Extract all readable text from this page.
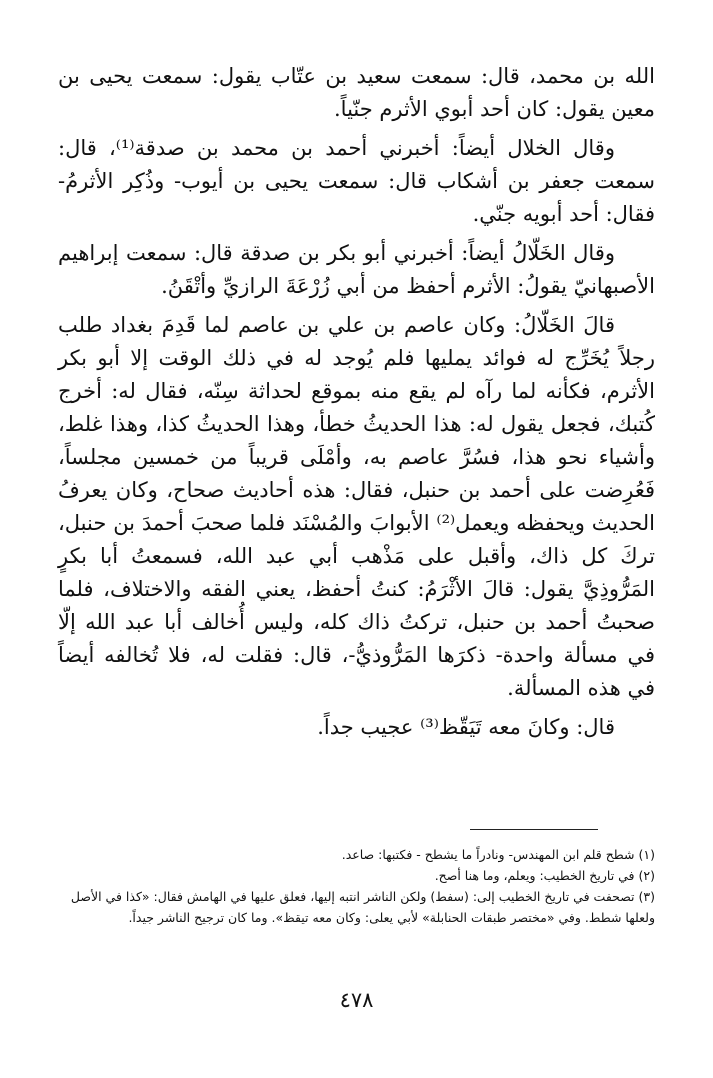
الله بن محمد، قال: سمعت سعيد بن عتّاب يقول: سمعت يحيى بن معين يقول: كان أحد أبوي الأثرم جنّياً.

وقال الخلال أيضاً: أخبرني أحمد بن محمد بن صدقة⁽¹⁾، قال: سمعت جعفر بن أشكاب قال: سمعت يحيى بن أيوب- وذُكِر الأثرمُ- فقال: أحد أبويه جنّي.

وقال الخَلّالُ أيضاً: أخبرني أبو بكر بن صدقة قال: سمعت إبراهيم الأصبهانيّ يقولُ: الأثرم أحفظ من أبي زُرْعَةَ الرازيِّ وأتْقَنُ.

قالَ الخَلّالُ: وكان عاصم بن علي بن عاصم لما قَدِمَ بغداد طلب رجلاً يُخَرِّج له فوائد يمليها فلم يُوجد له في ذلك الوقت إلا أبو بكر الأثرم، فكأنه لما رآه لم يقع منه بموقع لحداثة سِنّه، فقال له: أخرج كُتبك، فجعل يقول له: هذا الحديثُ خطأ، وهذا الحديثُ كذا، وهذا غلط، وأشياء نحو هذا، فسُرَّ عاصم به، وأمْلَى قريباً من خمسين مجلساً، فَعُرِضت على أحمد بن حنبل، فقال: هذه أحاديث صحاح، وكان يعرفُ الحديث ويحفظه ويعمل⁽²⁾ الأبوابَ والمُسْنَد فلما صحبَ أحمدَ بن حنبل، تركَ كل ذاك، وأقبل على مَذْهب أبي عبد الله، فسمعتُ أبا بكرٍ المَرُّوذِيَّ يقول: قالَ الأثْرَمُ: كنتُ أحفظ، يعني الفقه والاختلاف، فلما صحبتُ أحمد بن حنبل، تركتُ ذاك كله، وليس أُخالف أبا عبد الله إلّا في مسألة واحدة- ذكرَها المَرُّوذيُّ-، قال: فقلت له، فلا تُخالفه أيضاً في هذه المسألة.

قال: وكانَ معه تَيَقّظ⁽³⁾ عجيب جداً.

(١) شطح قلم ابن المهندس- ونادراً ما يشطح - فكتبها: صاعد.

(٢) في تاريخ الخطيب: ويعلم، وما هنا أصح.

(٣) تصحفت في تاريخ الخطيب إلى: (سفط) ولكن الناشر انتبه إليها، فعلق عليها في الهامش فقال: «كذا في الأصل ولعلها شطط. وفي «مختصر طبقات الحنابلة» لأبي يعلى: وكان معه تيقظ». وما كان ترجيح الناشر جيداً.

٤٧٨
